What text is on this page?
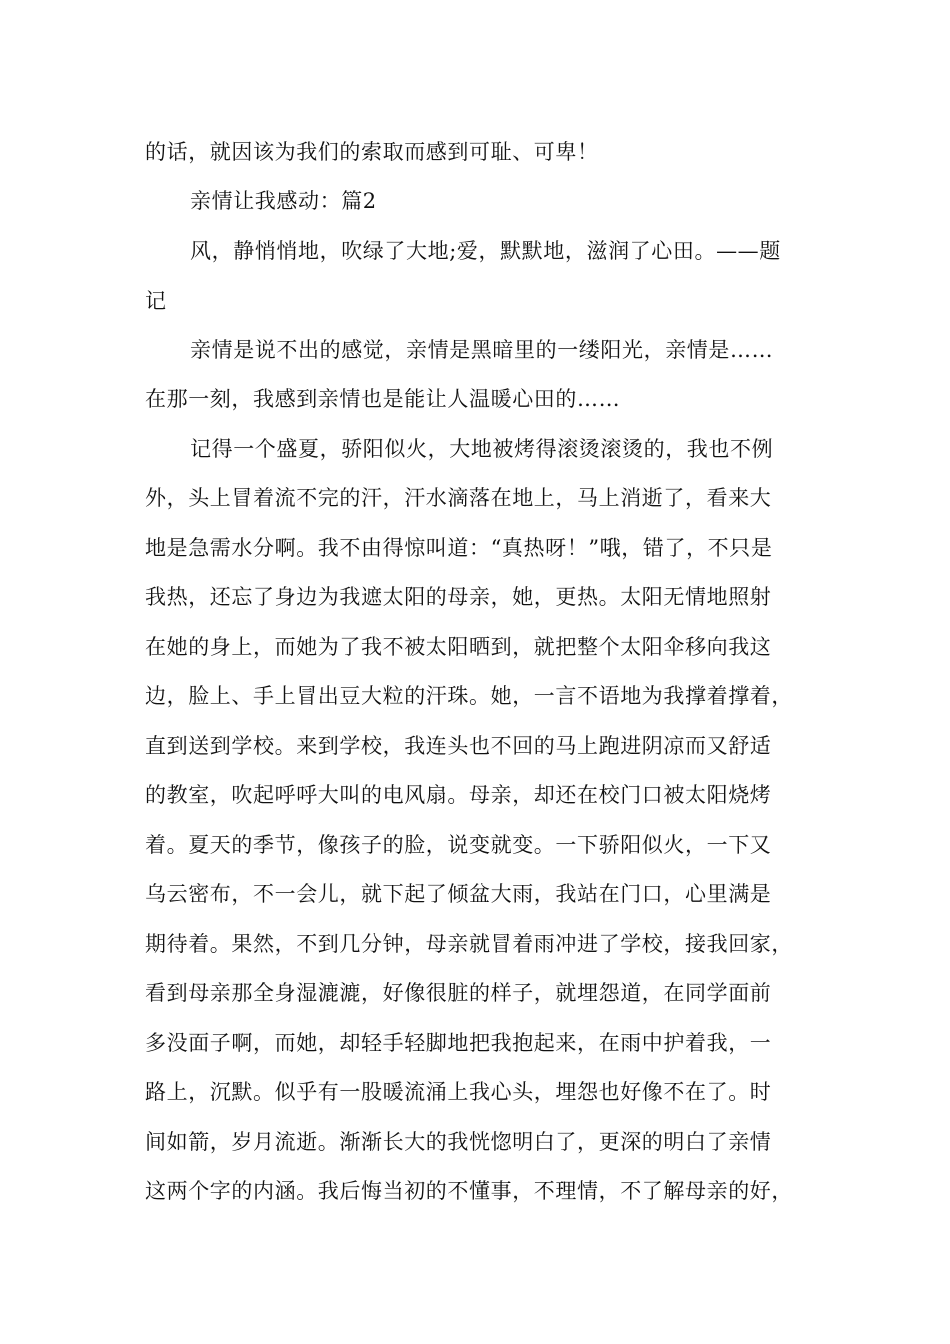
的话，就因该为我们的索取而感到可耻、可卑！
亲情让我感动：篇2
风，静悄悄地，吹绿了大地;爱，默默地，滋润了心田。——题
记
亲情是说不出的感觉，亲情是黑暗里的一缕阳光，亲情是……
在那一刻，我感到亲情也是能让人温暖心田的……
记得一个盛夏，骄阳似火，大地被烤得滚烫滚烫的，我也不例
外，头上冒着流不完的汗，汗水滴落在地上，马上消逝了，看来大
地是急需水分啊。我不由得惊叫道：“真热呀！”哦，错了，不只是
我热，还忘了身边为我遮太阳的母亲，她，更热。太阳无情地照射
在她的身上，而她为了我不被太阳晒到，就把整个太阳伞移向我这
边，脸上、手上冒出豆大粒的汗珠。她，一言不语地为我撑着撑着，
直到送到学校。来到学校，我连头也不回的马上跑进阴凉而又舒适
的教室，吹起呼呼大叫的电风扇。母亲，却还在校门口被太阳烧烤
着。夏天的季节，像孩子的脸，说变就变。一下骄阳似火，一下又
乌云密布，不一会儿，就下起了倾盆大雨，我站在门口，心里满是
期待着。果然，不到几分钟，母亲就冒着雨冲进了学校，接我回家，
看到母亲那全身湿漉漉，好像很脏的样子，就埋怨道，在同学面前
多没面子啊，而她，却轻手轻脚地把我抱起来，在雨中护着我，一
路上，沉默。似乎有一股暖流涌上我心头，埋怨也好像不在了。时
间如箭，岁月流逝。渐渐长大的我恍惚明白了，更深的明白了亲情
这两个字的内涵。我后悔当初的不懂事，不理情，不了解母亲的好，
